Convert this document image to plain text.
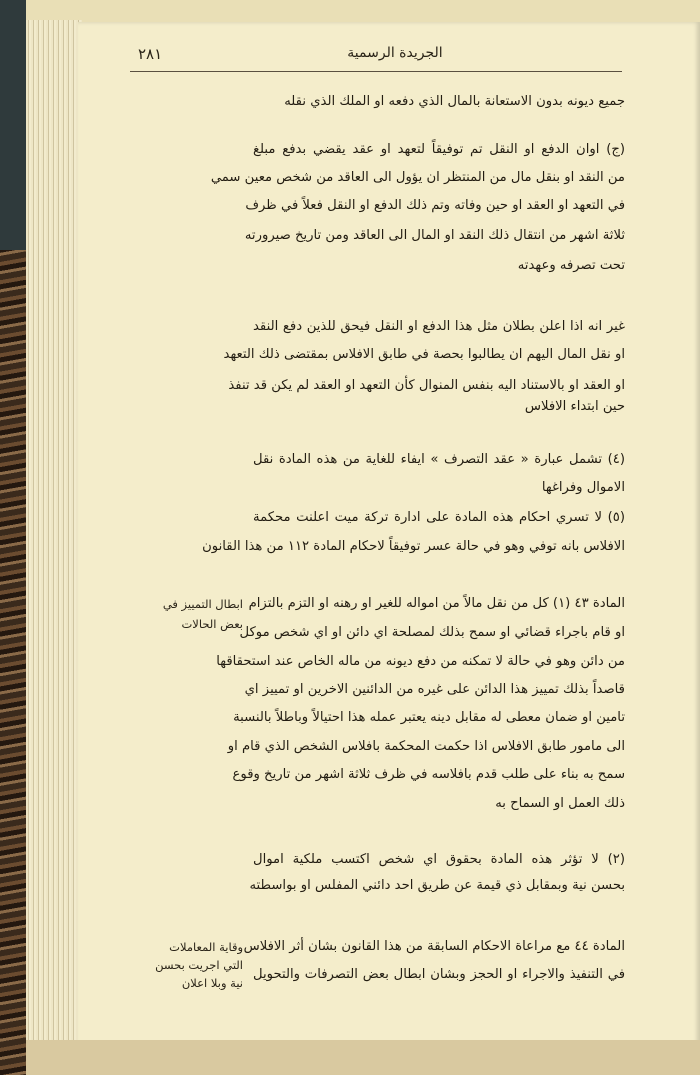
٢٨١	الجريدة الرسمية
جميع ديونه بدون الاستعانة بالمال الذي دفعه او الملك الذي نقله
(ج) اوان الدفع او النقل تم توفيقاً لتعهد او عقد يقضي بدفع مبلغ
من النقد او بنقل مال من المنتظر ان يؤول الى العاقد من شخص معين سمي
في التعهد او العقد او حين وفاته وتم ذلك الدفع او النقل فعلاً في ظرف
ثلاثة اشهر من انتقال ذلك النقد او المال الى العاقد ومن تاريخ صيرورته
تحت تصرفه وعهدته
غير انه اذا اعلن بطلان مثل هذا الدفع او النقل فيحق للذين دفع النقد
او نقل المال اليهم ان يطالبوا بحصة في طابق الافلاس بمقتضى ذلك التعهد
او العقد او بالاستناد اليه بنفس المنوال كأن التعهد او العقد لم يكن قد تنفذ
حين ابتداء الافلاس
(٤) تشمل عبارة « عقد التصرف » ايفاء للغاية من هذه المادة نقل
الاموال وفراغها
(٥) لا تسري احكام هذه المادة على ادارة تركة ميت اعلنت محكمة
الافلاس بانه توفي وهو في حالة عسر توفيقاً لاحكام المادة ١١٢ من هذا القانون
المادة ٤٣ (١) كل من نقل مالاً من امواله للغير او رهنه او التزم بالتزام
او قام باجراء قضائي او سمح بذلك لمصلحة اي دائن او اي شخص موكل
من دائن وهو في حالة لا تمكنه من دفع ديونه من ماله الخاص عند استحقاقها
قاصداً بذلك تمييز هذا الدائن على غيره من الدائنين الاخرين او تمييز اي
تامين او ضمان معطى له مقابل دينه يعتبر عمله هذا احتيالاً وباطلاً بالنسبة
الى مامور طابق الافلاس اذا حكمت المحكمة بافلاس الشخص الذي قام او
سمح به بناء على طلب قدم بافلاسه في ظرف ثلاثة اشهر من تاريخ وقوع
ذلك العمل او السماح به
(٢) لا تؤثر هذه المادة بحقوق اي شخص اكتسب ملكية اموال
بحسن نية وبمقابل ذي قيمة عن طريق احد دائني المفلس او بواسطته
المادة ٤٤ مع مراعاة الاحكام السابقة من هذا القانون بشان أثر الافلاس
في التنفيذ والاجراء او الحجز وبشان ابطال بعض التصرفات والتحويل
ابطال التمييز في
بعض الحالات
وقاية المعاملات
التي اجريت بحسن
نية وبلا اعلان
